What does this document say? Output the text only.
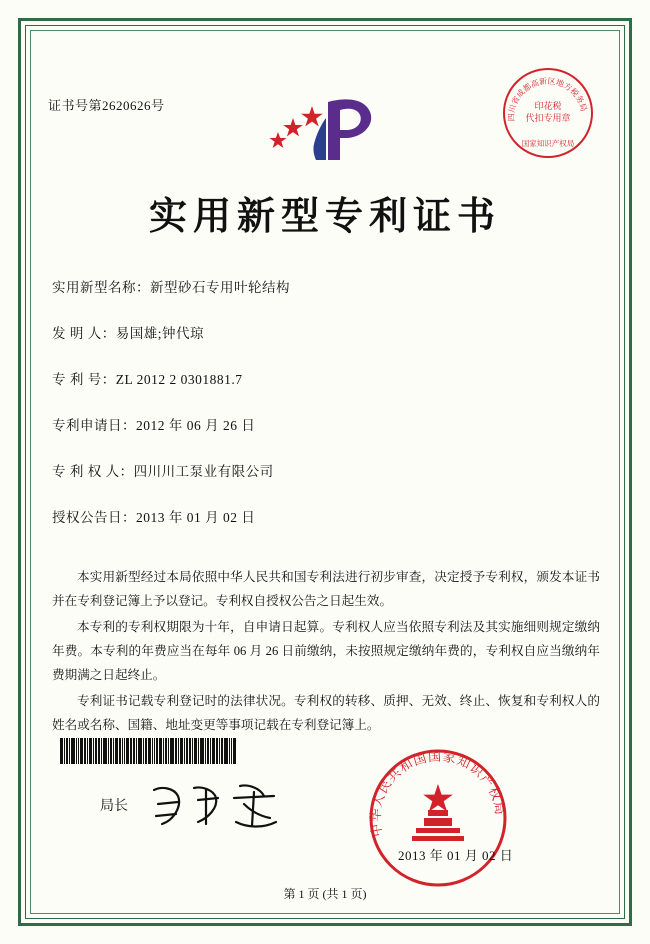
证书号第2620626号
四川省成都高新区地方税务局
国家知识产权局
印花税
代扣专用章
实用新型专利证书
实用新型名称：新型砂石专用叶轮结构
发 明 人：易国雄;钟代琼
专 利 号：ZL 2012 2 0301881.7
专利申请日：2012 年 06 月 26 日
专 利 权 人：四川川工泵业有限公司
授权公告日：2013 年 01 月 02 日

本实用新型经过本局依照中华人民共和国专利法进行初步审查，决定授予专利权，颁发本证书并在专利登记簿上予以登记。专利权自授权公告之日起生效。

本专利的专利权期限为十年，自申请日起算。专利权人应当依照专利法及其实施细则规定缴纳年费。本专利的年费应当在每年 06 月 26 日前缴纳，未按照规定缴纳年费的，专利权自应当缴纳年费期满之日起终止。

专利证书记载专利登记时的法律状况。专利权的转移、质押、无效、终止、恢复和专利权人的姓名或名称、国籍、地址变更等事项记载在专利登记簿上。

局长
中华人民共和国国家知识产权局
2013 年 01 月 02 日
第 1 页 (共 1 页)
